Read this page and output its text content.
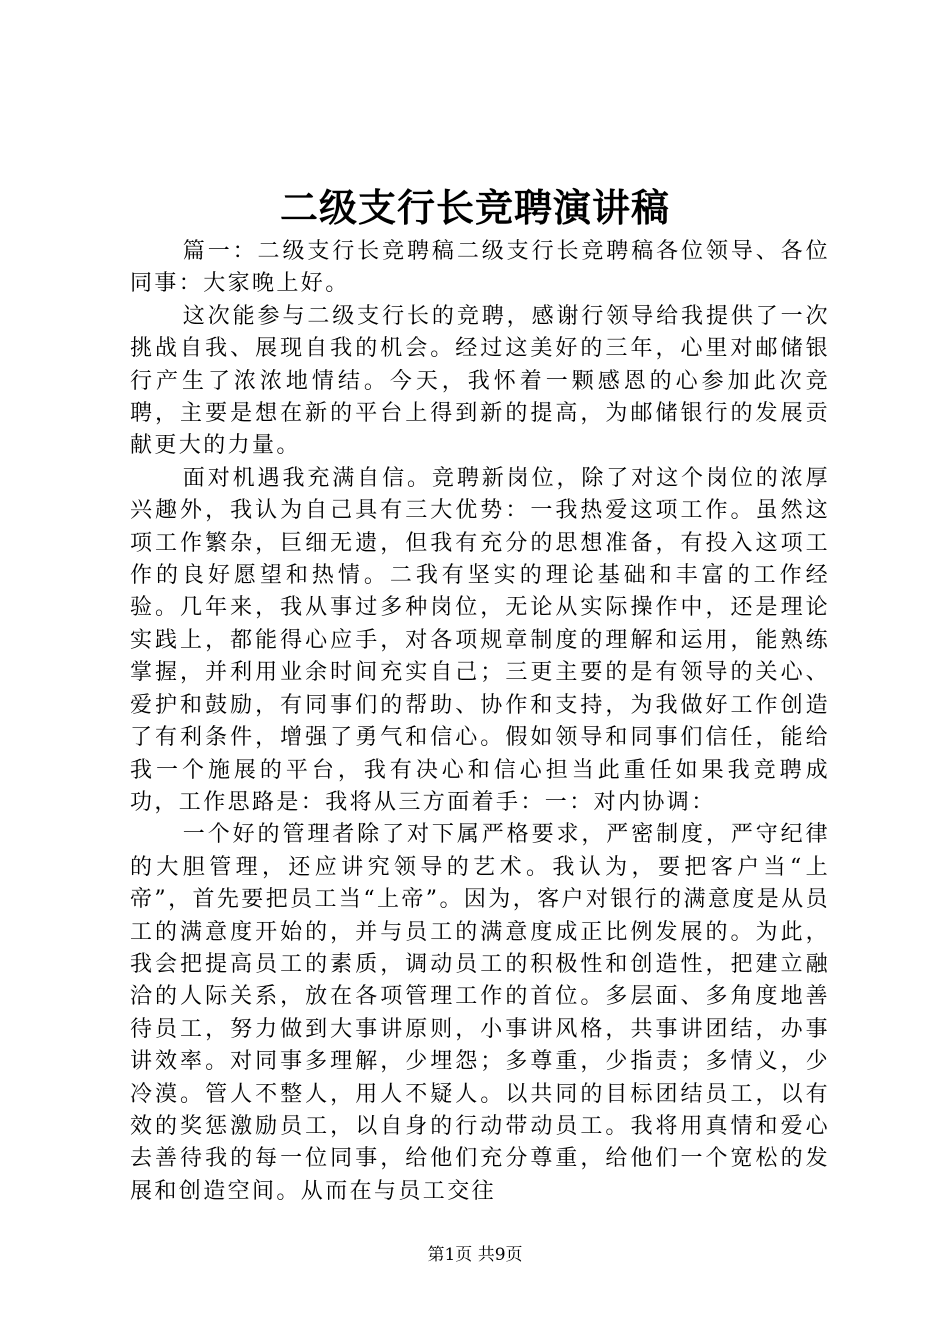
二级支行长竞聘演讲稿

篇一：二级支行长竞聘稿二级支行长竞聘稿各位领导、各位同事：大家晚上好。

这次能参与二级支行长的竞聘，感谢行领导给我提供了一次挑战自我、展现自我的机会。经过这美好的三年，心里对邮储银行产生了浓浓地情结。今天，我怀着一颗感恩的心参加此次竞聘，主要是想在新的平台上得到新的提高，为邮储银行的发展贡献更大的力量。

面对机遇我充满自信。竞聘新岗位，除了对这个岗位的浓厚兴趣外，我认为自己具有三大优势：一我热爱这项工作。虽然这项工作繁杂，巨细无遗，但我有充分的思想准备，有投入这项工作的良好愿望和热情。二我有坚实的理论基础和丰富的工作经验。几年来，我从事过多种岗位，无论从实际操作中，还是理论实践上，都能得心应手，对各项规章制度的理解和运用，能熟练掌握，并利用业余时间充实自己；三更主要的是有领导的关心、爱护和鼓励，有同事们的帮助、协作和支持，为我做好工作创造了有利条件，增强了勇气和信心。假如领导和同事们信任，能给我一个施展的平台，我有决心和信心担当此重任如果我竞聘成功，工作思路是：我将从三方面着手：一：对内协调：

一个好的管理者除了对下属严格要求，严密制度，严守纪律的大胆管理，还应讲究领导的艺术。我认为，要把客户当“上帝”，首先要把员工当“上帝”。因为，客户对银行的满意度是从员工的满意度开始的，并与员工的满意度成正比例发展的。为此，我会把提高员工的素质，调动员工的积极性和创造性，把建立融洽的人际关系，放在各项管理工作的首位。多层面、多角度地善待员工，努力做到大事讲原则，小事讲风格，共事讲团结，办事讲效率。对同事多理解，少埋怨；多尊重，少指责；多情义，少冷漠。管人不整人，用人不疑人。以共同的目标团结员工，以有效的奖惩激励员工，以自身的行动带动员工。我将用真情和爱心去善待我的每一位同事，给他们充分尊重，给他们一个宽松的发展和创造空间。从而在与员工交往

第1页 共9页
